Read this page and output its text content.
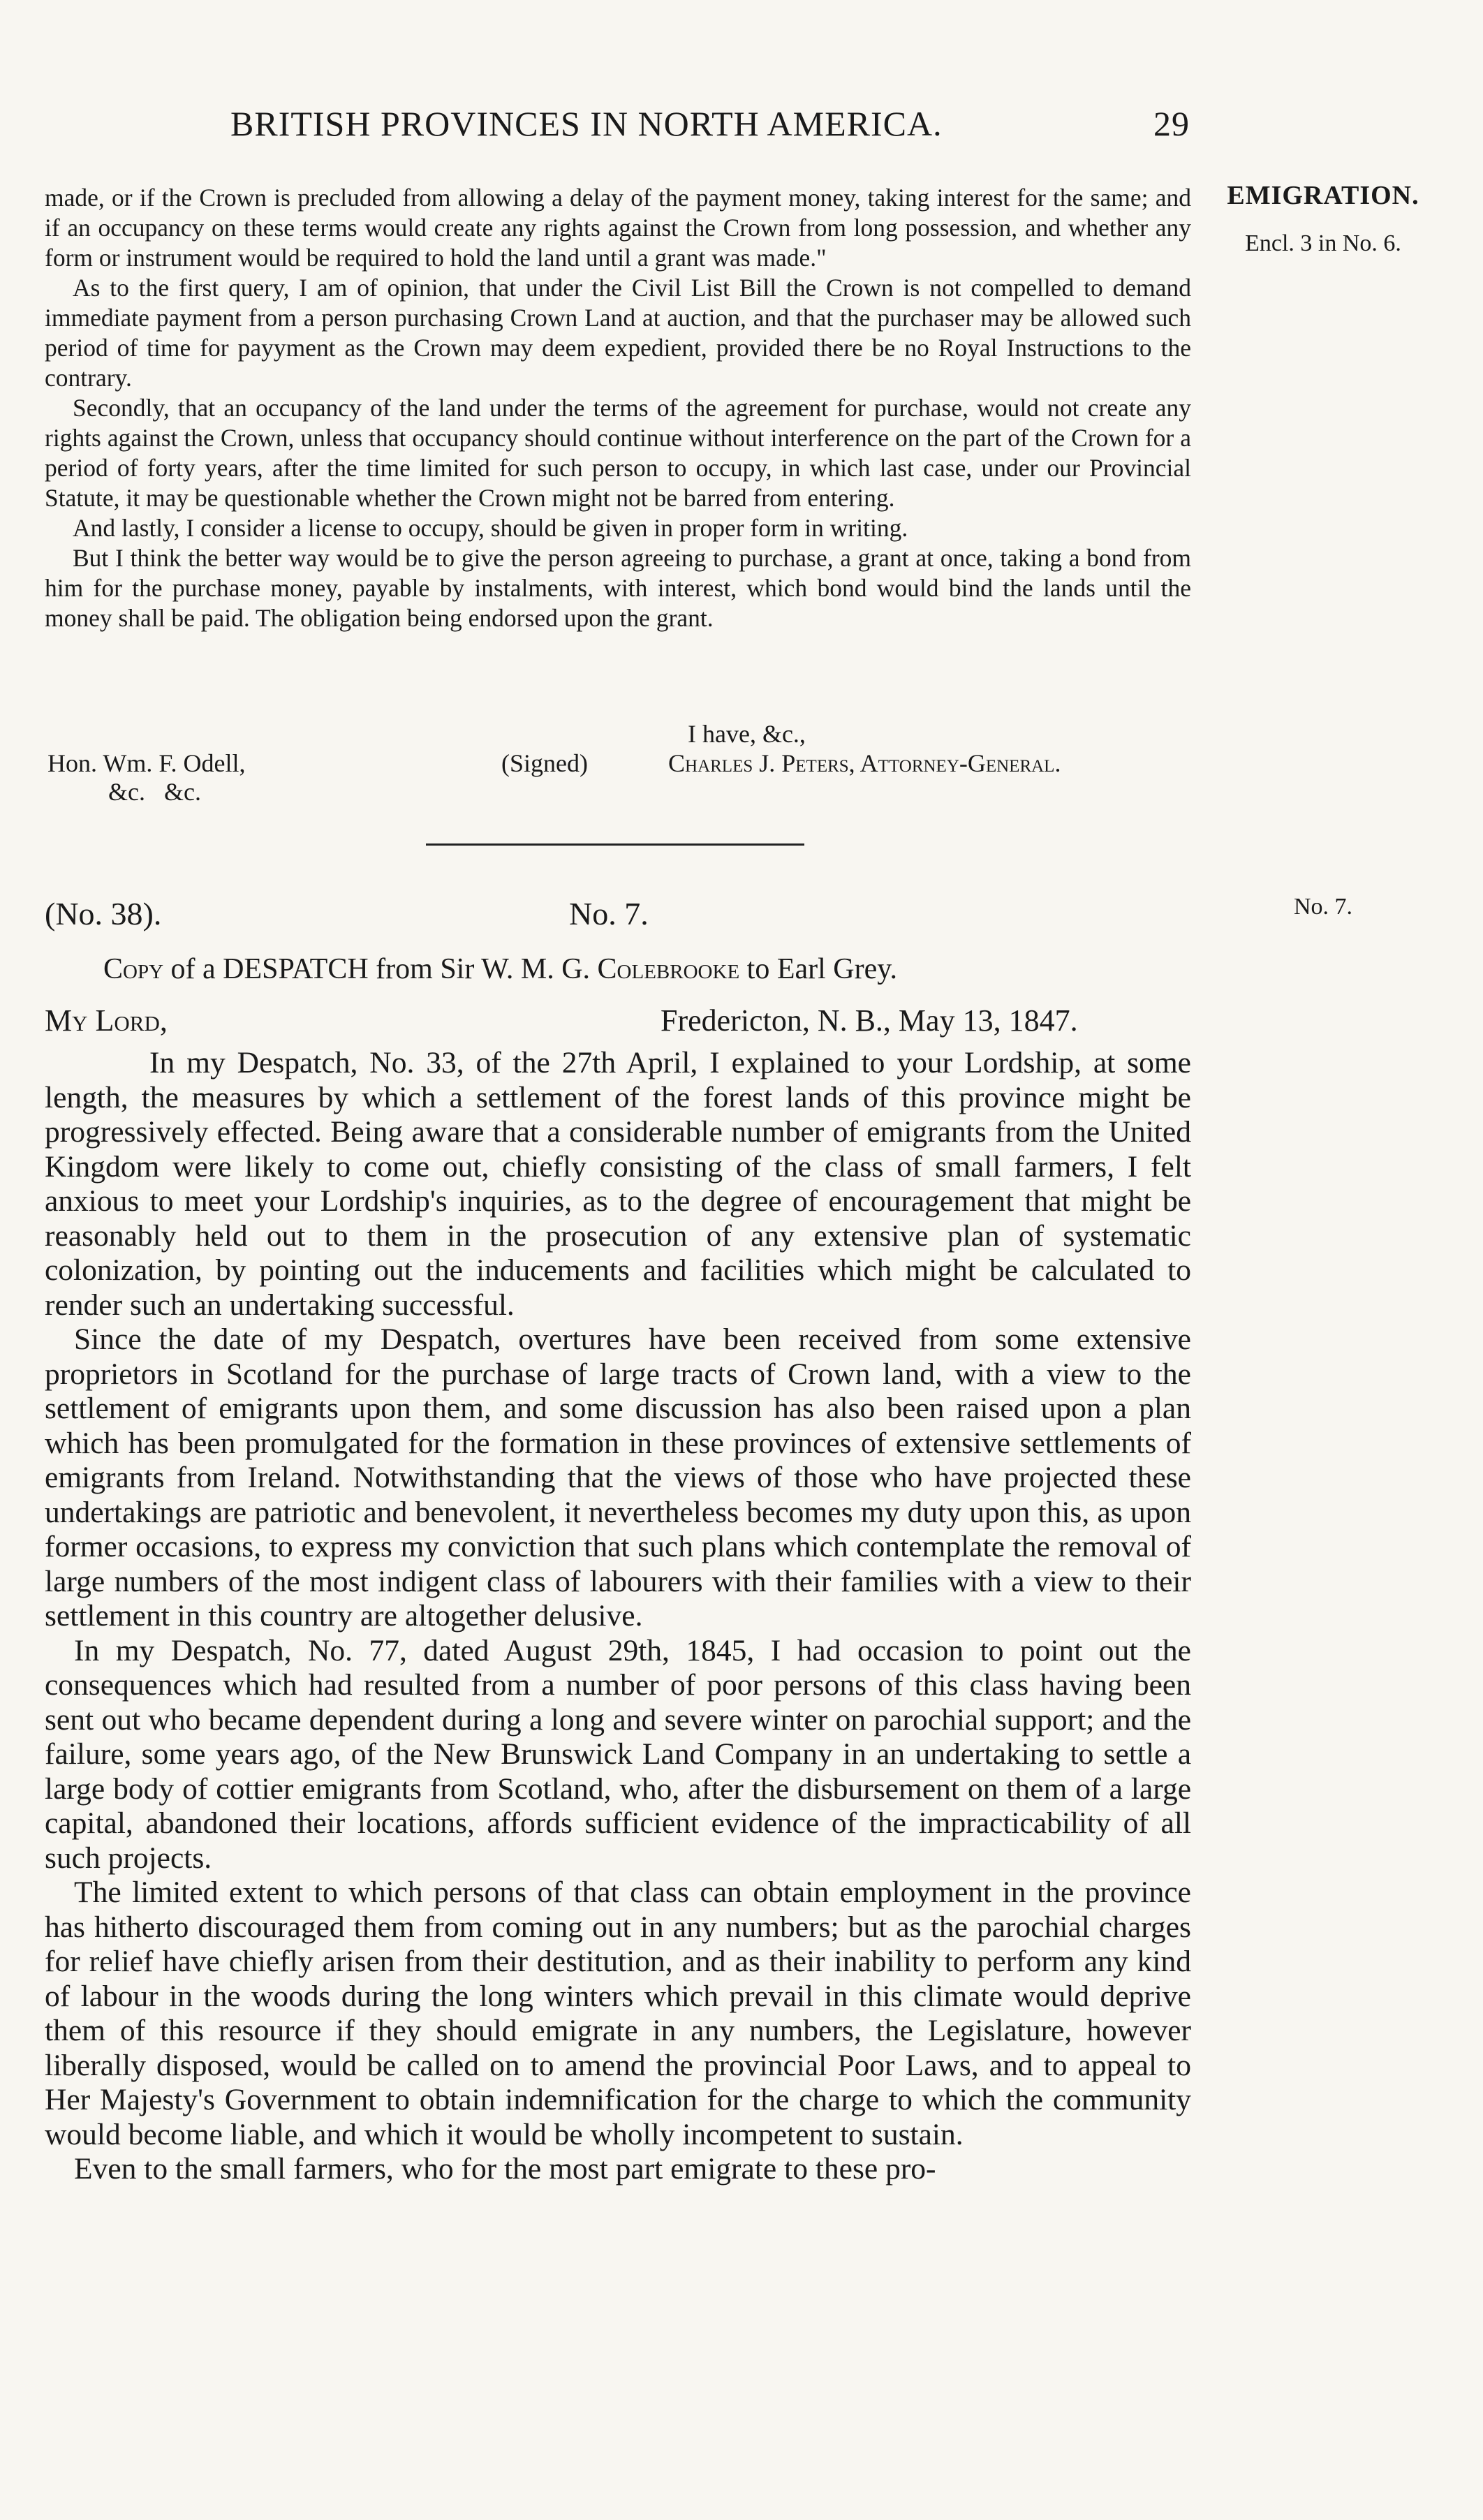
BRITISH PROVINCES IN NORTH AMERICA.	29
EMIGRATION.
Encl. 3 in No. 6.
No. 7.

made, or if the Crown is precluded from allowing a delay of the payment money, taking interest for the same; and if an occupancy on these terms would create any rights against the Crown from long possession, and whether any form or instrument would be required to hold the land until a grant was made."

As to the first query, I am of opinion, that under the Civil List Bill the Crown is not compelled to demand immediate payment from a person purchasing Crown Land at auction, and that the purchaser may be allowed such period of time for payyment as the Crown may deem expedient, provided there be no Royal Instructions to the contrary.

Secondly, that an occupancy of the land under the terms of the agreement for purchase, would not create any rights against the Crown, unless that occupancy should continue without interference on the part of the Crown for a period of forty years, after the time limited for such person to occupy, in which last case, under our Provincial Statute, it may be questionable whether the Crown might not be barred from entering.

And lastly, I consider a license to occupy, should be given in proper form in writing.

But I think the better way would be to give the person agreeing to purchase, a grant at once, taking a bond from him for the purchase money, payable by instalments, with interest, which bond would bind the lands until the money shall be paid. The obligation being endorsed upon the grant.

I have, &c.,
Hon. Wm. F. Odell,	(Signed)	Charles J. Peters, Attorney-General.
&c.   &c.
(No. 38).	No. 7.
Copy of a DESPATCH from Sir W. M. G. Colebrooke to Earl Grey.
My Lord,	Fredericton, N. B., May 13, 1847.

In my Despatch, No. 33, of the 27th April, I explained to your Lordship, at some length, the measures by which a settlement of the forest lands of this province might be progressively effected. Being aware that a considerable number of emigrants from the United Kingdom were likely to come out, chiefly consisting of the class of small farmers, I felt anxious to meet your Lordship's inquiries, as to the degree of encouragement that might be reasonably held out to them in the prosecution of any extensive plan of systematic colonization, by pointing out the inducements and facilities which might be calculated to render such an undertaking successful.

Since the date of my Despatch, overtures have been received from some extensive proprietors in Scotland for the purchase of large tracts of Crown land, with a view to the settlement of emigrants upon them, and some discussion has also been raised upon a plan which has been promulgated for the formation in these provinces of extensive settlements of emigrants from Ireland. Notwithstanding that the views of those who have projected these undertakings are patriotic and benevolent, it nevertheless becomes my duty upon this, as upon former occasions, to express my conviction that such plans which contemplate the removal of large numbers of the most indigent class of labourers with their families with a view to their settlement in this country are altogether delusive.

In my Despatch, No. 77, dated August 29th, 1845, I had occasion to point out the consequences which had resulted from a number of poor persons of this class having been sent out who became dependent during a long and severe winter on parochial support; and the failure, some years ago, of the New Brunswick Land Company in an undertaking to settle a large body of cottier emigrants from Scotland, who, after the disbursement on them of a large capital, abandoned their locations, affords sufficient evidence of the impracticability of all such projects.

The limited extent to which persons of that class can obtain employment in the province has hitherto discouraged them from coming out in any numbers; but as the parochial charges for relief have chiefly arisen from their destitution, and as their inability to perform any kind of labour in the woods during the long winters which prevail in this climate would deprive them of this resource if they should emigrate in any numbers, the Legislature, however liberally disposed, would be called on to amend the provincial Poor Laws, and to appeal to Her Majesty's Government to obtain indemnification for the charge to which the community would become liable, and which it would be wholly incompetent to sustain.

Even to the small farmers, who for the most part emigrate to these pro-
